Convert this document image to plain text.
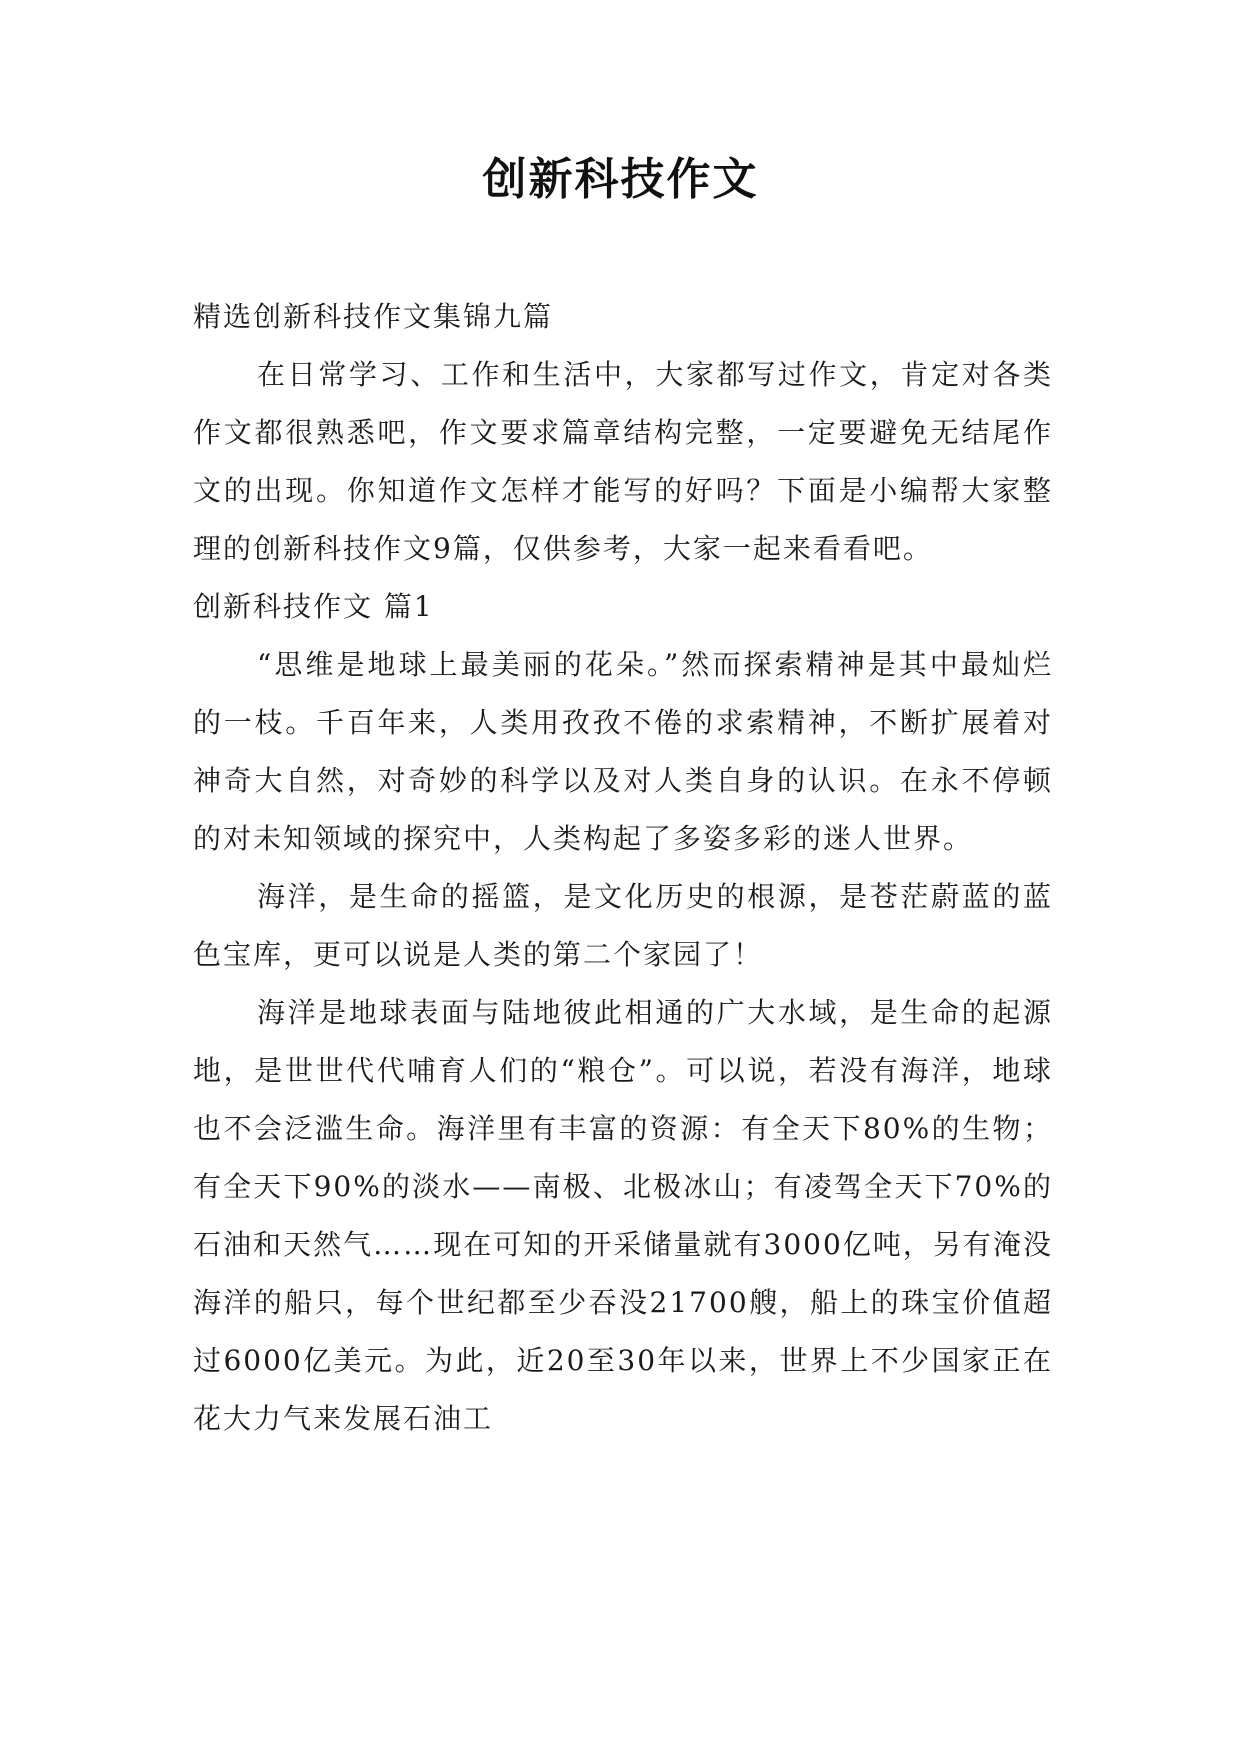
创新科技作文

精选创新科技作文集锦九篇

在日常学习、工作和生活中，大家都写过作文，肯定对各类作文都很熟悉吧，作文要求篇章结构完整，一定要避免无结尾作文的出现。你知道作文怎样才能写的好吗？下面是小编帮大家整理的创新科技作文9篇，仅供参考，大家一起来看看吧。

创新科技作文 篇1

“思维是地球上最美丽的花朵。”然而探索精神是其中最灿烂的一枝。千百年来，人类用孜孜不倦的求索精神，不断扩展着对神奇大自然，对奇妙的科学以及对人类自身的认识。在永不停顿的对未知领域的探究中，人类构起了多姿多彩的迷人世界。

海洋，是生命的摇篮，是文化历史的根源，是苍茫蔚蓝的蓝色宝库，更可以说是人类的第二个家园了！

海洋是地球表面与陆地彼此相通的广大水域，是生命的起源地，是世世代代哺育人们的“粮仓”。可以说，若没有海洋，地球也不会泛滥生命。海洋里有丰富的资源：有全天下80%的生物；有全天下90%的淡水——南极、北极冰山；有凌驾全天下70%的石油和天然气……现在可知的开采储量就有3000亿吨，另有淹没海洋的船只，每个世纪都至少吞没21700艘，船上的珠宝价值超过6000亿美元。为此，近20至30年以来，世界上不少国家正在花大力气来发展石油工
